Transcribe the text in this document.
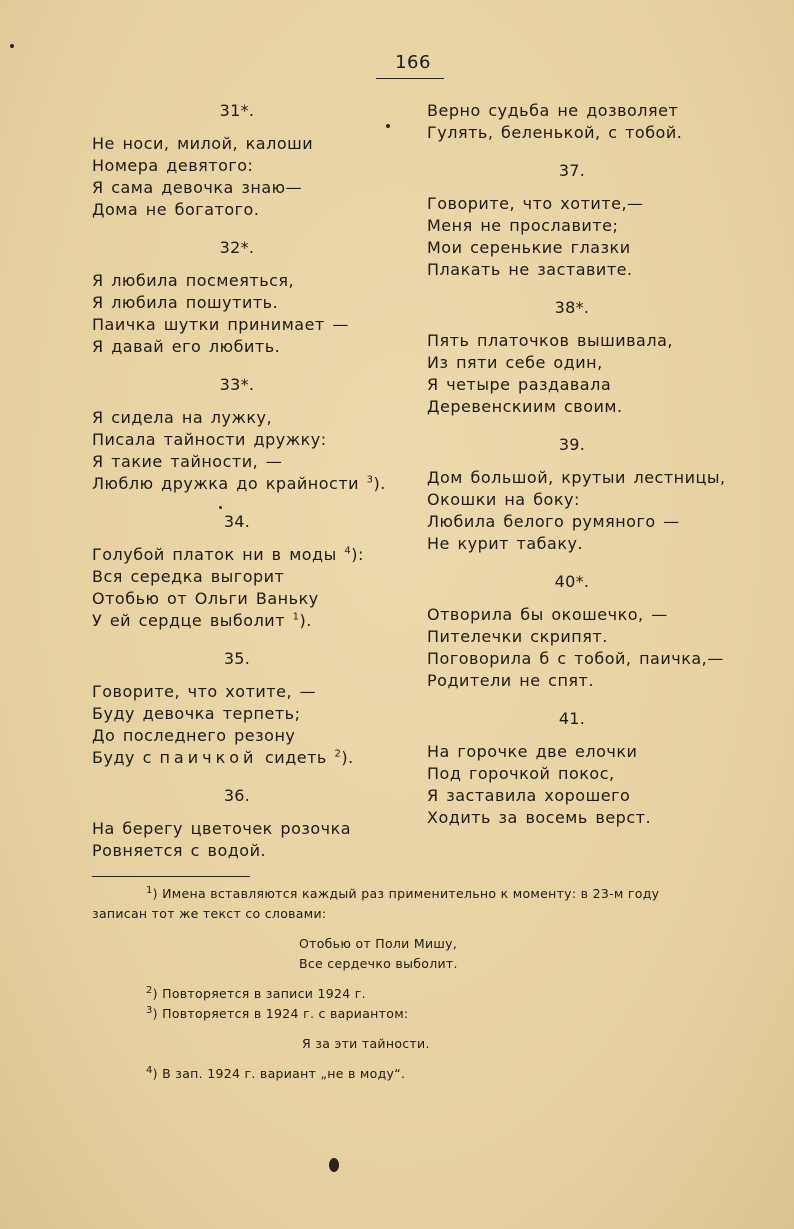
166
31*.
Не носи, милой, калоши
Номера девятого:
Я сама девочка знаю—
Дома не богатого.
32*.
Я любила посмеяться,
Я любила пошутить.
Паичка шутки принимает —
Я давай его любить.
33*.
Я сидела на лужку,
Писала тайности дружку:
Я такие тайности, —
Люблю дружка до крайности $^3$).
34.
Голубой платок ни в моды $^4$):
Вся середка выгорит
Отобью от Ольги Ваньку
У ей сердце выболит $^1$).
35.
Говорите, что хотите, —
Буду девочка терпеть;
До последнего резону
Буду с паичкой сидеть $^2$).
36.
На берегу цветочек розочка
Ровняется с водой.
Верно судьба не дозволяет
Гулять, беленькой, с тобой.
37.
Говорите, что хотите,—
Меня не прославите;
Мои серенькие глазки
Плакать не заставите.
38*.
Пять платочков вышивала,
Из пяти себе один,
Я четыре раздавала
Деревенскиим своим.
39.
Дом большой, крутыи лестницы,
Окошки на боку:
Любила белого румяного —
Не курит табаку.
40*.
Отворила бы окошечко, —
Пителечки скрипят.
Поговорила б с тобой, паичка,—
Родители не спят.
41.
На горочке две елочки
Под горочкой покос,
Я заставила хорошего
Ходить за восемь верст.
$^1$) Имена вставляются каждый раз применительно к моменту: в 23-м году
записан тот же текст со словами:
Отобью от Поли Мишу,
Все сердечко выболит.
$^2$) Повторяется в записи 1924 г.
$^3$) Повторяется в 1924 г. с вариантом:
Я за эти тайности.
$^4$) В зап. 1924 г. вариант „не в моду“.
